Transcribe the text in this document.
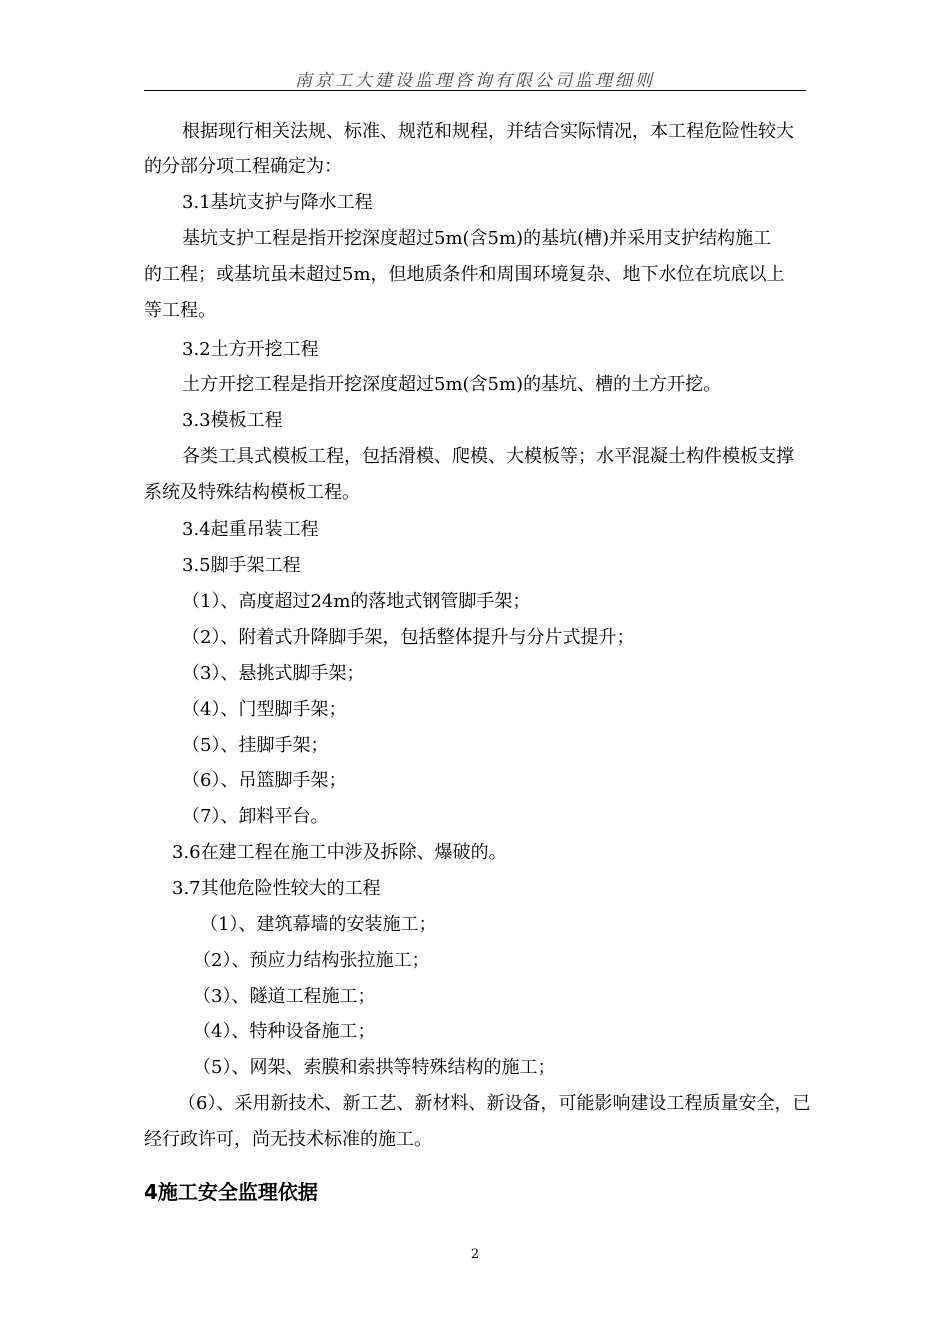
南京工大建设监理咨询有限公司监理细则
根据现行相关法规、标准、规范和规程，并结合实际情况，本工程危险性较大
的分部分项工程确定为：
3.1基坑支护与降水工程
基坑支护工程是指开挖深度超过5m(含5m)的基坑(槽)并采用支护结构施工
的工程；或基坑虽未超过5m，但地质条件和周围环境复杂、地下水位在坑底以上
等工程。
3.2土方开挖工程
土方开挖工程是指开挖深度超过5m(含5m)的基坑、槽的土方开挖。
3.3模板工程
各类工具式模板工程，包括滑模、爬模、大模板等；水平混凝土构件模板支撑
系统及特殊结构模板工程。
3.4起重吊装工程
3.5脚手架工程
（1）、高度超过24m的落地式钢管脚手架；
（2）、附着式升降脚手架，包括整体提升与分片式提升；
（3）、悬挑式脚手架；
（4）、门型脚手架；
（5）、挂脚手架；
（6）、吊篮脚手架；
（7）、卸料平台。
3.6在建工程在施工中涉及拆除、爆破的。
3.7其他危险性较大的工程
（1）、建筑幕墙的安装施工；
（2）、预应力结构张拉施工；
（3）、隧道工程施工；
（4）、特种设备施工；
（5）、网架、索膜和索拱等特殊结构的施工；
（6）、采用新技术、新工艺、新材料、新设备，可能影响建设工程质量安全，已
经行政许可，尚无技术标准的施工。
4施工安全监理依据
2
